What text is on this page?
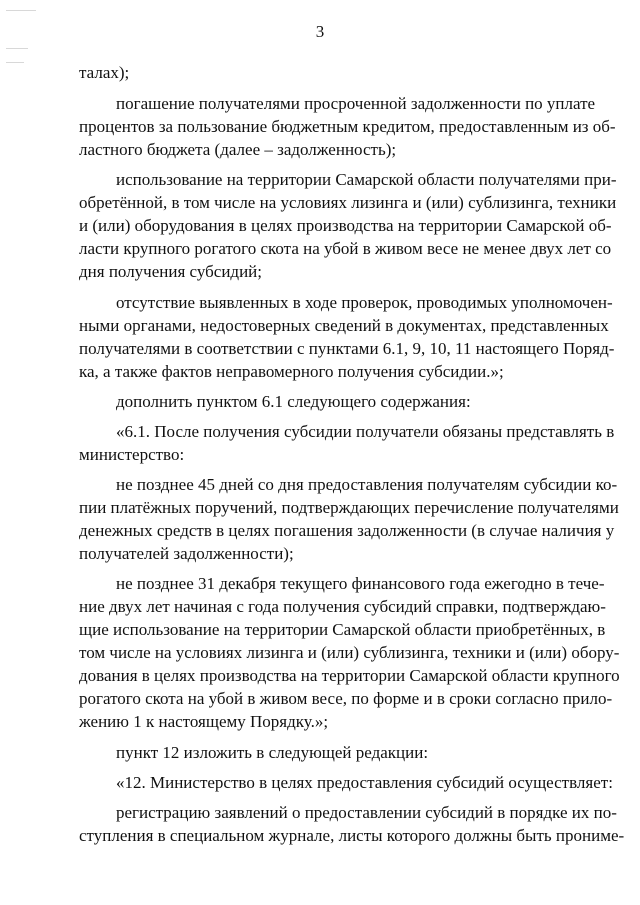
3
талах);
погашение получателями просроченной задолженности по уплате
процентов за пользование бюджетным кредитом, предоставленным из об-
ластного бюджета (далее – задолженность);
использование на территории Самарской области получателями при-
обретённой, в том числе на условиях лизинга и (или) сублизинга, техники
и (или) оборудования в целях производства на территории Самарской об-
ласти крупного рогатого скота на убой в живом весе не менее двух лет со
дня получения субсидий;
отсутствие выявленных в ходе проверок, проводимых уполномочен-
ными органами, недостоверных сведений в документах, представленных
получателями в соответствии с пунктами 6.1, 9, 10, 11 настоящего Поряд-
ка, а также фактов неправомерного получения субсидии.»;
дополнить пунктом 6.1 следующего содержания:
«6.1. После получения субсидии получатели обязаны представлять в
министерство:
не позднее 45 дней со дня предоставления получателям субсидии ко-
пии платёжных поручений, подтверждающих перечисление получателями
денежных средств в целях погашения задолженности (в случае наличия у
получателей задолженности);
не позднее 31 декабря текущего финансового года ежегодно в тече-
ние двух лет начиная с года получения субсидий справки, подтверждаю-
щие использование на территории Самарской области приобретённых, в
том числе на условиях лизинга и (или) сублизинга, техники и (или) обору-
дования в целях производства на территории Самарской области крупного
рогатого скота на убой в живом весе, по форме и в сроки согласно прило-
жению 1 к настоящему Порядку.»;
пункт 12 изложить в следующей редакции:
«12. Министерство в целях предоставления субсидий осуществляет:
регистрацию заявлений о предоставлении субсидий в порядке их по-
ступления в специальном журнале, листы которого должны быть прониме-
